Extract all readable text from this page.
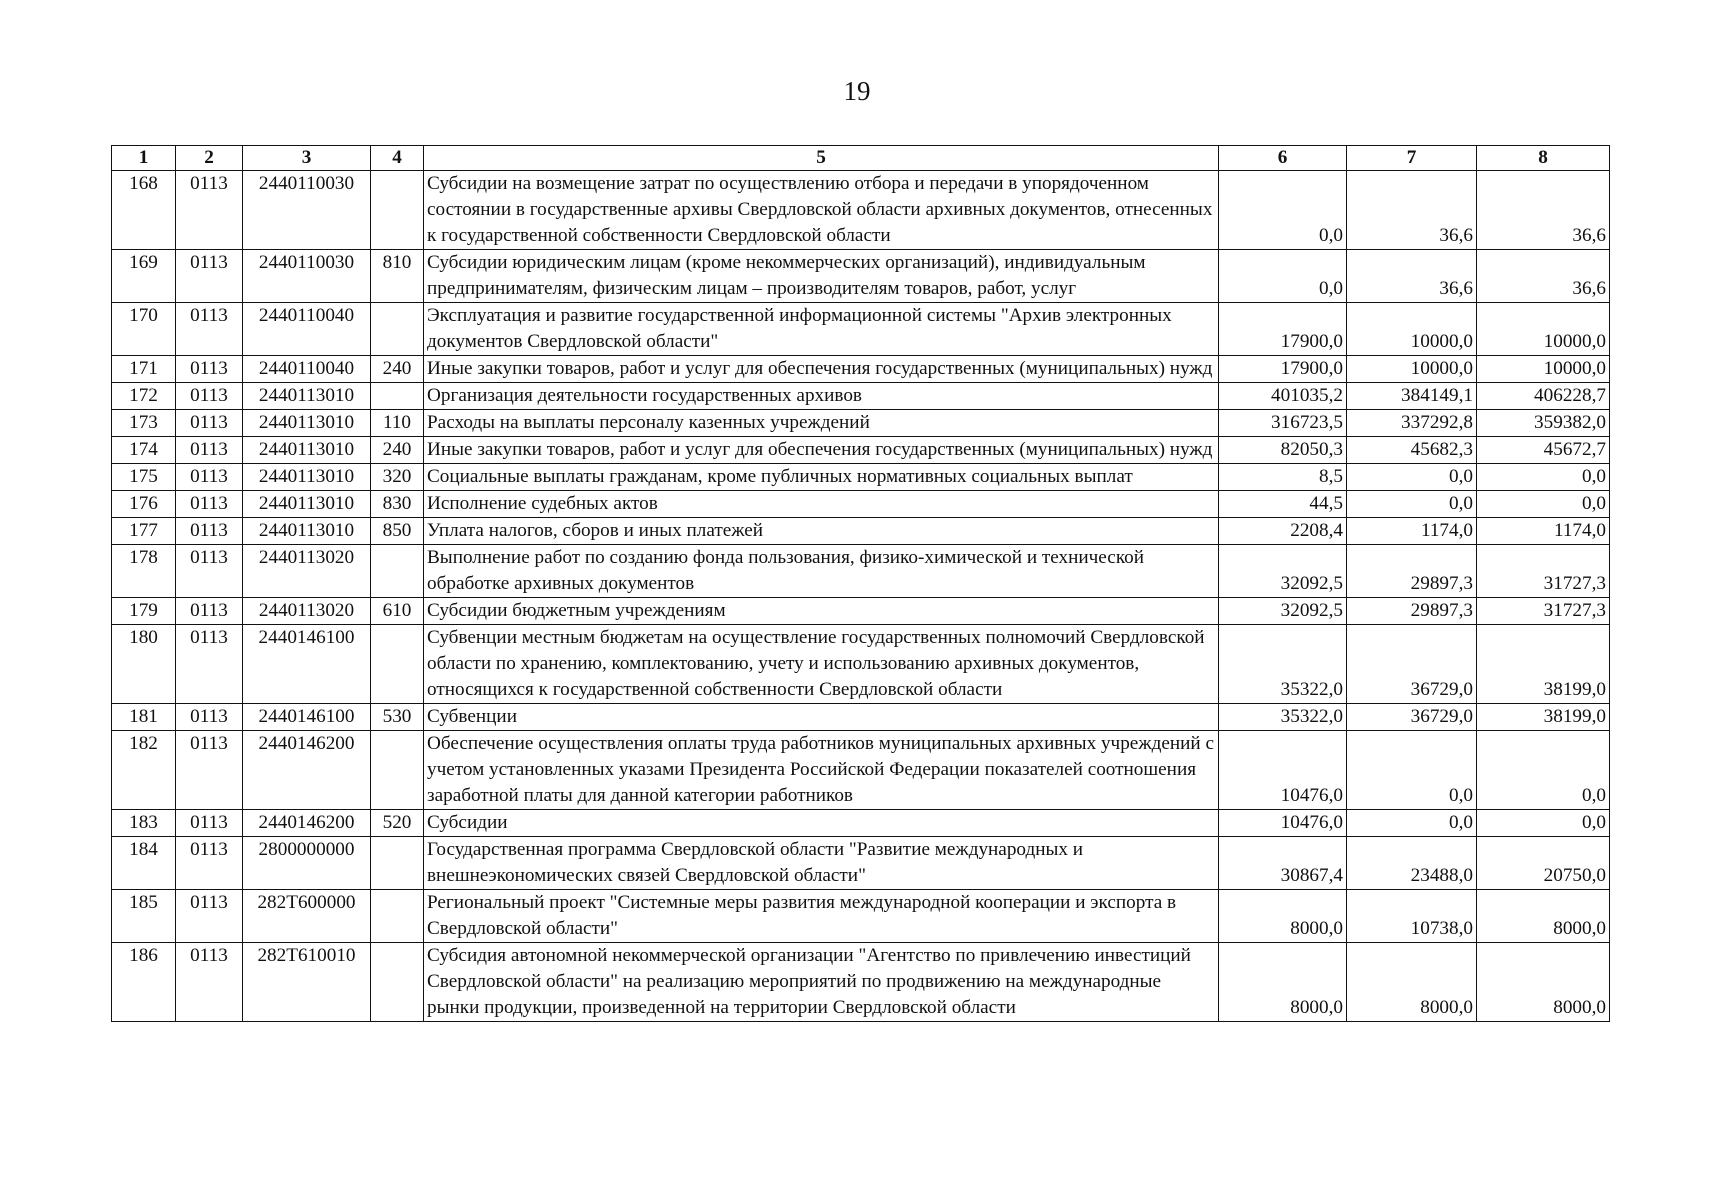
19
1	2	3	4	5	6	7	8
168	0113	2440110030		Субсидии на возмещение затрат по осуществлению отбора и передачи в упорядоченном состоянии в государственные архивы Свердловской области архивных документов, отнесенных к государственной собственности Свердловской области	0,0	36,6	36,6
169	0113	2440110030	810	Субсидии юридическим лицам (кроме некоммерческих организаций), индивидуальным предпринимателям, физическим лицам – производителям товаров, работ, услуг	0,0	36,6	36,6
170	0113	2440110040		Эксплуатация и развитие государственной информационной системы "Архив электронных документов Свердловской области"	17900,0	10000,0	10000,0
171	0113	2440110040	240	Иные закупки товаров, работ и услуг для обеспечения государственных (муниципальных) нужд	17900,0	10000,0	10000,0
172	0113	2440113010		Организация деятельности государственных архивов	401035,2	384149,1	406228,7
173	0113	2440113010	110	Расходы на выплаты персоналу казенных учреждений	316723,5	337292,8	359382,0
174	0113	2440113010	240	Иные закупки товаров, работ и услуг для обеспечения государственных (муниципальных) нужд	82050,3	45682,3	45672,7
175	0113	2440113010	320	Социальные выплаты гражданам, кроме публичных нормативных социальных выплат	8,5	0,0	0,0
176	0113	2440113010	830	Исполнение судебных актов	44,5	0,0	0,0
177	0113	2440113010	850	Уплата налогов, сборов и иных платежей	2208,4	1174,0	1174,0
178	0113	2440113020		Выполнение работ по созданию фонда пользования, физико-химической и технической обработке архивных документов	32092,5	29897,3	31727,3
179	0113	2440113020	610	Субсидии бюджетным учреждениям	32092,5	29897,3	31727,3
180	0113	2440146100		Субвенции местным бюджетам на осуществление государственных полномочий Свердловской области по хранению, комплектованию, учету и использованию архивных документов, относящихся к государственной собственности Свердловской области	35322,0	36729,0	38199,0
181	0113	2440146100	530	Субвенции	35322,0	36729,0	38199,0
182	0113	2440146200		Обеспечение осуществления оплаты труда работников муниципальных архивных учреждений с учетом установленных указами Президента Российской Федерации показателей соотношения заработной платы для данной категории работников	10476,0	0,0	0,0
183	0113	2440146200	520	Субсидии	10476,0	0,0	0,0
184	0113	2800000000		Государственная программа Свердловской области "Развитие международных и внешнеэкономических связей Свердловской области"	30867,4	23488,0	20750,0
185	0113	282Т600000		Региональный проект "Системные меры развития международной кооперации и экспорта в Свердловской области"	8000,0	10738,0	8000,0
186	0113	282Т610010		Субсидия автономной некоммерческой организации "Агентство по привлечению инвестиций Свердловской области" на реализацию мероприятий по продвижению на международные рынки продукции, произведенной на территории Свердловской области	8000,0	8000,0	8000,0
